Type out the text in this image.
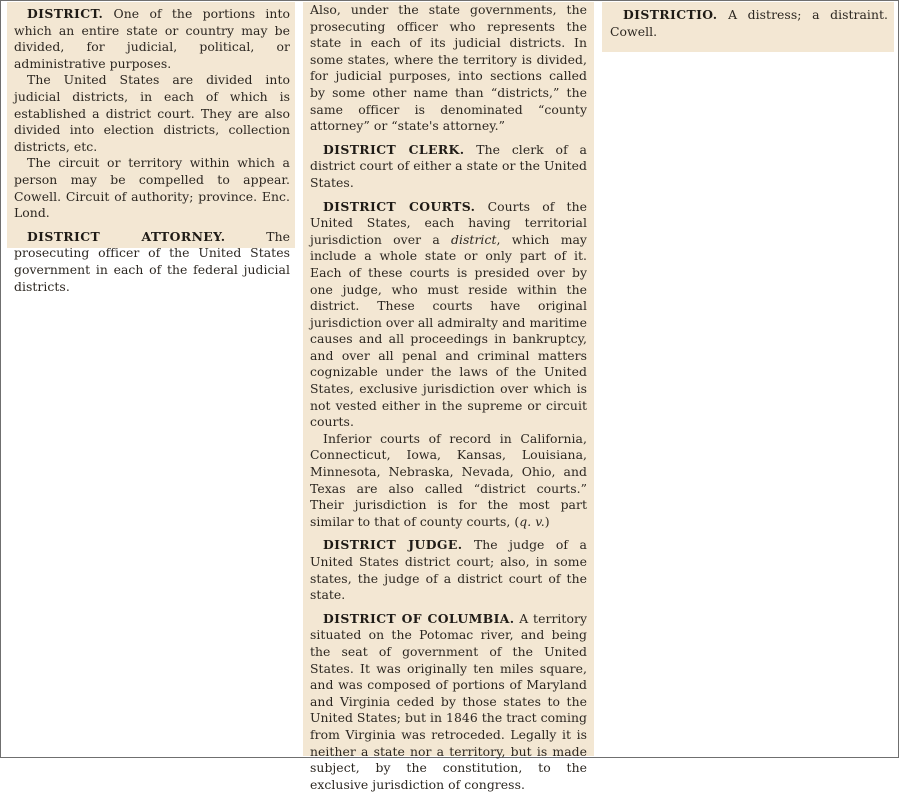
DISTRICT. One of the portions into which an entire state or country may be divided, for judicial, political, or administrative purposes.

The United States are divided into judicial districts, in each of which is established a district court. They are also divided into election districts, collection districts, etc.

The circuit or territory within which a person may be compelled to appear. Cowell. Circuit of authority; province. Enc. Lond.

DISTRICT ATTORNEY.	The prosecuting officer of the United States government in each of the federal judicial districts.

Also, under the state governments, the prosecuting officer who represents the state in each of its judicial districts. In some states, where the territory is divided, for judicial purposes, into sections called by some other name than “districts,” the same officer is denominated “county attorney” or “state's attorney.”

DISTRICT CLERK. The clerk of a district court of either a state or the United States.

DISTRICT COURTS. Courts of the United States, each having territorial jurisdiction over a district, which may include a whole state or only part of it. Each of these courts is presided over by one judge, who must reside within the district. These courts have original jurisdiction over all admiralty and maritime causes and all proceedings in bankruptcy, and over all penal and criminal matters cognizable under the laws of the United States, exclusive jurisdiction over which is not vested either in the supreme or circuit courts.

Inferior courts of record in California, Connecticut, Iowa, Kansas, Louisiana, Minnesota, Nebraska, Nevada, Ohio, and Texas are also called “district courts.” Their jurisdiction is for the most part similar to that of county courts, (q. v.)

DISTRICT JUDGE. The judge of a United States district court; also, in some states, the judge of a district court of the state.

DISTRICT OF COLUMBIA. A territory situated on the Potomac river, and being the seat of government of the United States. It was originally ten miles square, and was composed of portions of Maryland and Virginia ceded by those states to the United States; but in 1846 the tract coming from Virginia was retroceded. Legally it is neither a state nor a territory, but is made subject, by the constitution, to the exclusive jurisdiction of congress.

DISTRICTIO. A distress; a distraint. Cowell.
